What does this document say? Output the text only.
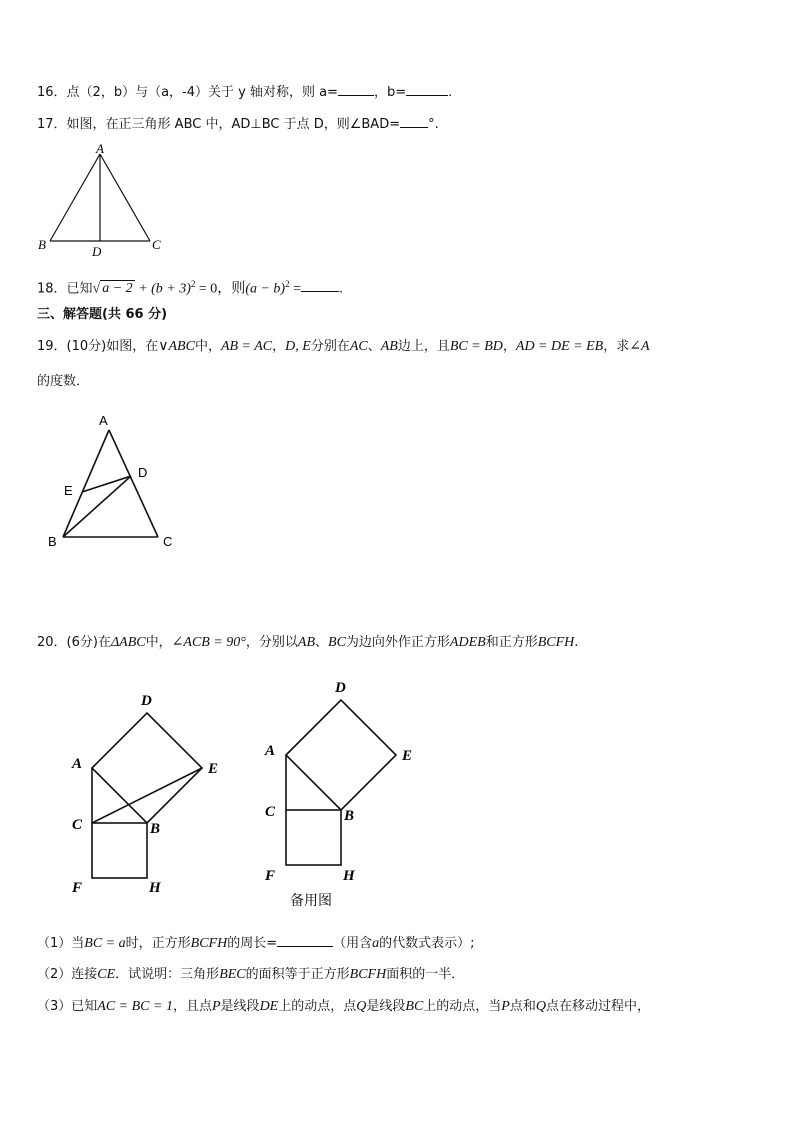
16．点（2，b）与（a，-4）关于 y 轴对称，则 a=	，b=	.
17．如图，在正三角形 ABC 中，AD⊥BC 于点 D，则∠BAD= °.
A
B	C
D
18．已知√ $a - 2 + (b + 3)^2 = 0$，则$(a - b)^2$ =	.
三、解答题(共 66 分)
19．(10分)如图，在∨ABC中，AB = AC，D, E分别在AC、AB边上，且BC = BD，AD = DE = EB，求∠A
的度数．
A
B	C
D
E
20．(6分)在ΔABC中，∠ACB = 90°，分别以AB、BC为边向外作正方形ADEB和正方形BCFH.
D
A	E
C	B
F	H
D
A	E
C	B
F	H
备用图
（1）当BC = a时，正方形BCFH的周长=	（用含a的代数式表示）;
（2）连接CE．试说明：三角形BEC的面积等于正方形BCFH面积的一半．
（3）已知AC = BC = 1，且点P是线段DE上的动点，点Q是线段BC上的动点，当P点和Q点在移动过程中，
